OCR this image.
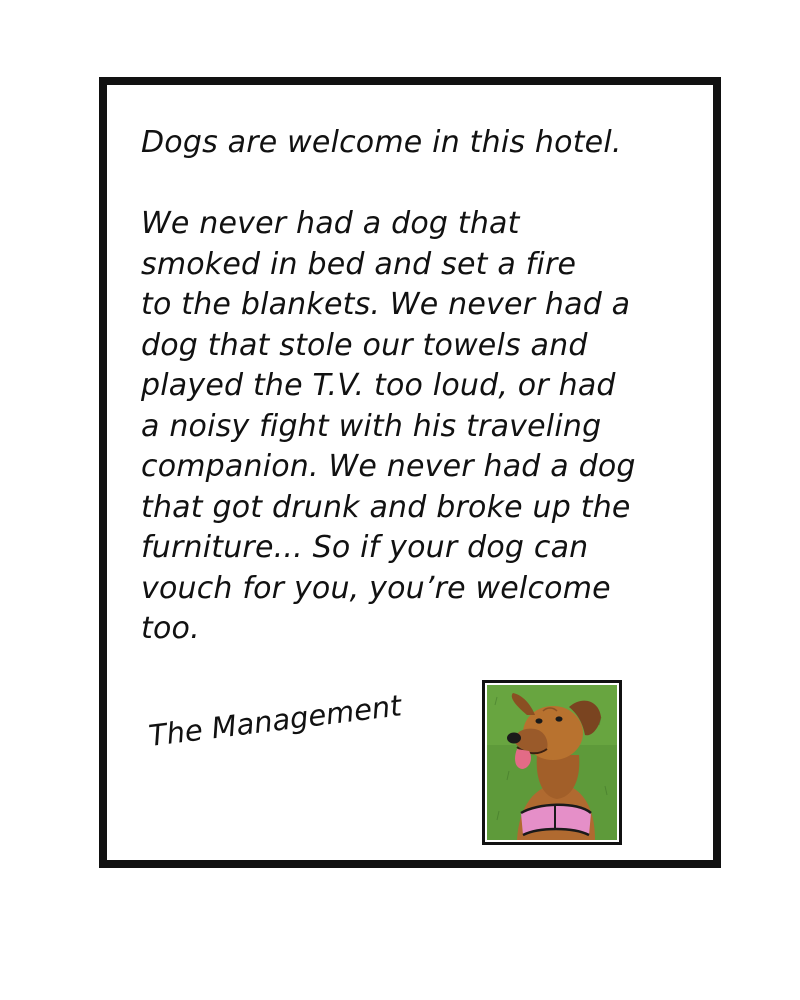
Dogs are welcome in this hotel.
We never had a dog that
smoked in bed and set a fire
to the blankets. We never had a
dog that stole our towels and
played the T.V. too loud, or had
a noisy fight with his traveling
companion. We never had a dog
that got drunk and broke up the
furniture... So if your dog can
vouch for you, you’re welcome
too.
The Management
